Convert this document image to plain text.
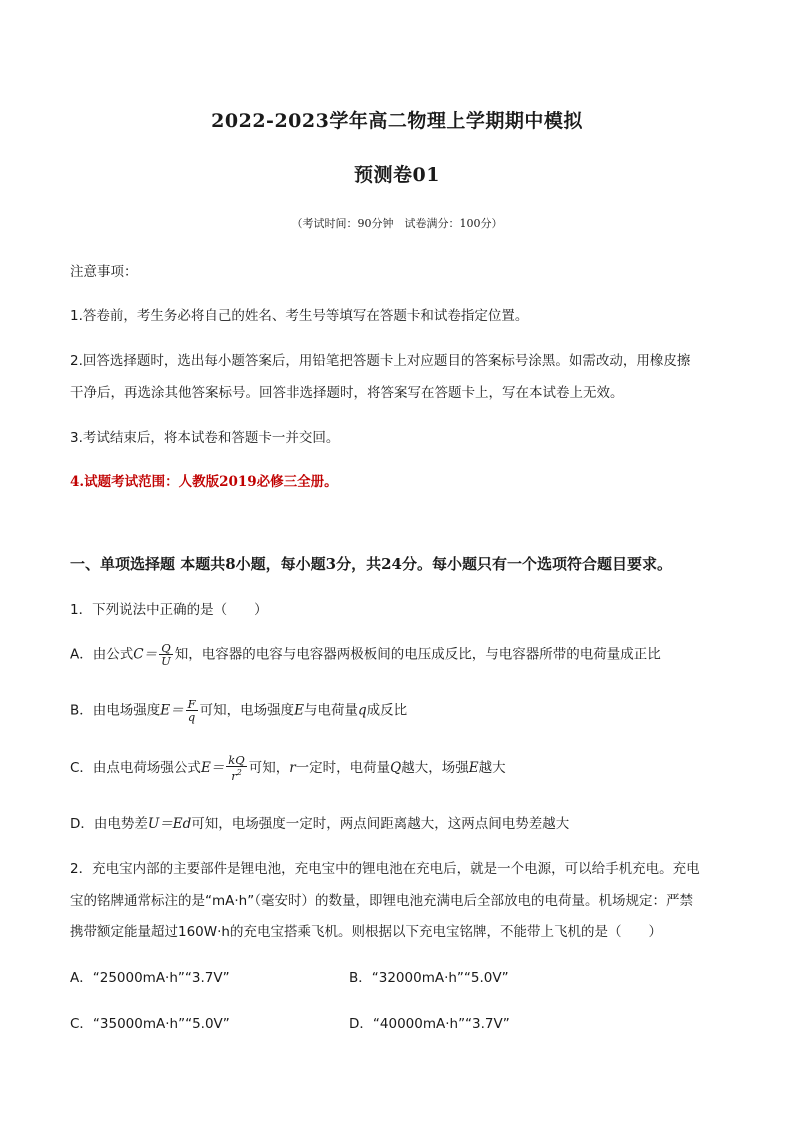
2022-2023学年高二物理上学期期中模拟
预测卷01
（考试时间：90分钟　试卷满分：100分）
注意事项：
1.答卷前，考生务必将自己的姓名、考生号等填写在答题卡和试卷指定位置。
2.回答选择题时，选出每小题答案后，用铅笔把答题卡上对应题目的答案标号涂黑。如需改动，用橡皮擦
干净后，再选涂其他答案标号。回答非选择题时，将答案写在答题卡上，写在本试卷上无效。
3.考试结束后，将本试卷和答题卡一并交回。
4.试题考试范围：人教版2019必修三全册。
一、单项选择题 本题共8小题，每小题3分，共24分。每小题只有一个选项符合题目要求。
1．下列说法中正确的是（　　）
A．由公式$C= \frac{Q}{U}$ 知，电容器的电容与电容器两极板间的电压成反比，与电容器所带的电荷量成正比
B．由电场强度$E= \frac{F}{q}$ 可知，电场强度E与电荷量q成反比
C．由点电荷场强公式$E= \frac{kQ}{r^2}$ 可知，r一定时，电荷量Q越大，场强E越大
D．由电势差U＝Ed可知，电场强度一定时，两点间距离越大，这两点间电势差越大
2．充电宝内部的主要部件是锂电池，充电宝中的锂电池在充电后，就是一个电源，可以给手机充电。充电
宝的铭牌通常标注的是“mA·h”（毫安时）的数量，即锂电池充满电后全部放电的电荷量。机场规定：严禁
携带额定能量超过160W·h的充电宝搭乘飞机。则根据以下充电宝铭牌，不能带上飞机的是（　　）
A．“25000mA·h”“3.7V”	B．“32000mA·h”“5.0V”
C．“35000mA·h”“5.0V”	D．“40000mA·h”“3.7V”
